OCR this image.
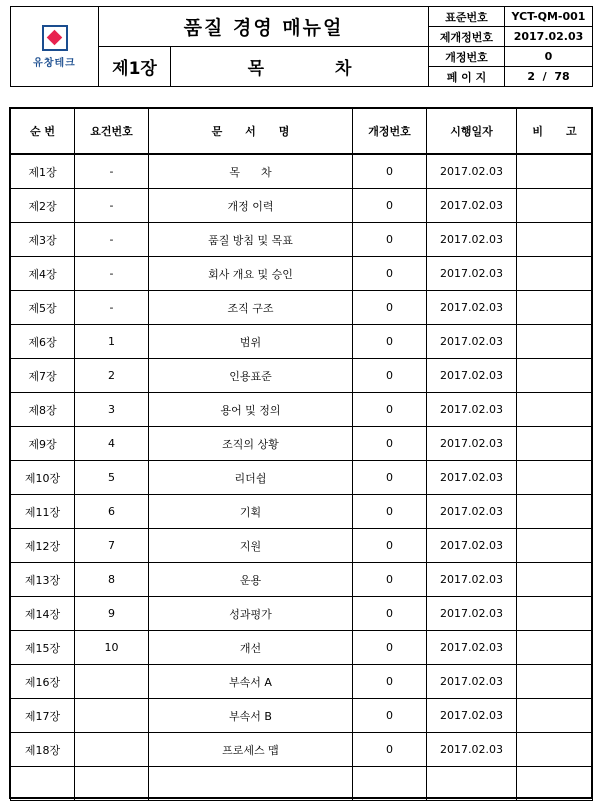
유창테크	품질 경영 매뉴얼		표준번호	YCT-QM-001
			제개정번호	2017.02.03
	제1장	목            차	개정번호	0
			페 이 지	2  /  78
순 번	요건번호	문      서      명	개정번호	시행일자	비      고
제1장	-	목      차	0	2017.02.03	
제2장	-	개정 이력	0	2017.02.03	
제3장	-	품질 방침 및 목표	0	2017.02.03	
제4장	-	회사 개요 및 승인	0	2017.02.03	
제5장	-	조직 구조	0	2017.02.03	
제6장	1	범위	0	2017.02.03	
제7장	2	인용표준	0	2017.02.03	
제8장	3	용어 및 정의	0	2017.02.03	
제9장	4	조직의 상황	0	2017.02.03	
제10장	5	리더쉽	0	2017.02.03	
제11장	6	기획	0	2017.02.03	
제12장	7	지원	0	2017.02.03	
제13장	8	운용	0	2017.02.03	
제14장	9	성과평가	0	2017.02.03	
제15장	10	개선	0	2017.02.03	
제16장		부속서 A	0	2017.02.03	
제17장		부속서 B	0	2017.02.03	
제18장		프로세스 맵	0	2017.02.03	
